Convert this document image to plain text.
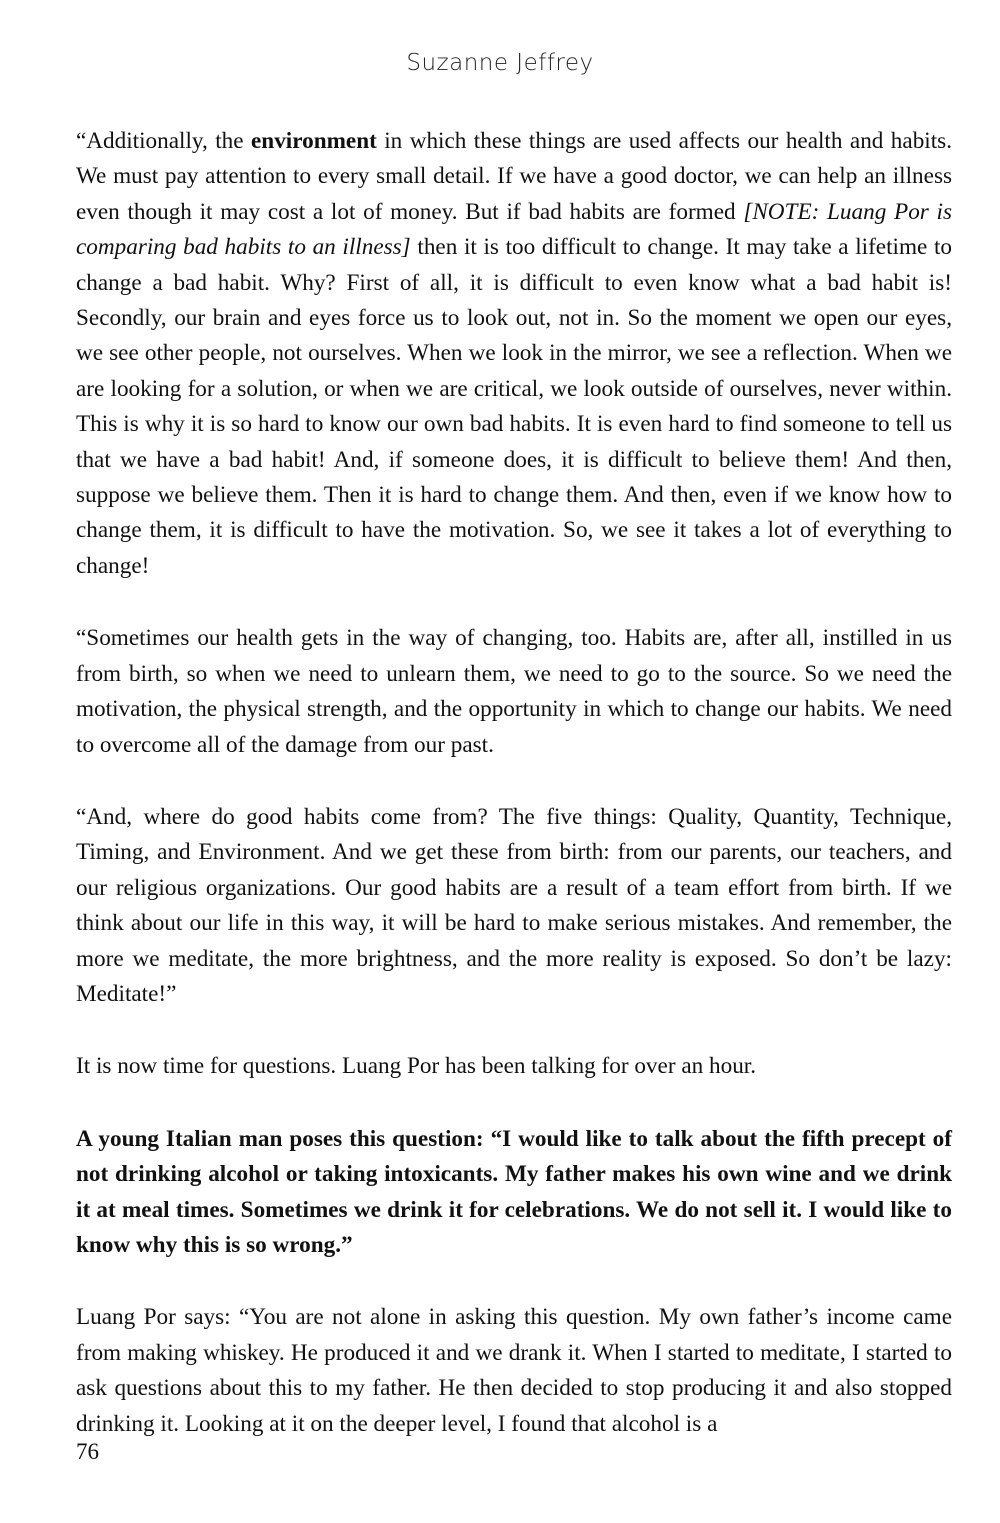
Suzanne Jeffrey

“Additionally, the environment in which these things are used affects our health and habits. We must pay attention to every small detail. If we have a good doctor, we can help an illness even though it may cost a lot of money. But if bad habits are formed [NOTE: Luang Por is comparing bad habits to an illness] then it is too difficult to change. It may take a lifetime to change a bad habit. Why? First of all, it is difficult to even know what a bad habit is! Secondly, our brain and eyes force us to look out, not in. So the moment we open our eyes, we see other people, not ourselves. When we look in the mirror, we see a reflection. When we are looking for a solution, or when we are critical, we look outside of ourselves, never within. This is why it is so hard to know our own bad habits. It is even hard to find someone to tell us that we have a bad habit! And, if someone does, it is difficult to believe them! And then, suppose we believe them. Then it is hard to change them. And then, even if we know how to change them, it is difficult to have the motivation. So, we see it takes a lot of everything to change!

“Sometimes our health gets in the way of changing, too. Habits are, after all, instilled in us from birth, so when we need to unlearn them, we need to go to the source. So we need the motivation, the physical strength, and the opportunity in which to change our habits. We need to overcome all of the damage from our past.

“And, where do good habits come from? The five things: Quality, Quantity, Technique, Timing, and Environment. And we get these from birth: from our parents, our teachers, and our religious organizations. Our good habits are a result of a team effort from birth. If we think about our life in this way, it will be hard to make serious mistakes. And remember, the more we meditate, the more brightness, and the more reality is exposed. So don’t be lazy: Meditate!”

It is now time for questions. Luang Por has been talking for over an hour.

A young Italian man poses this question: “I would like to talk about the fifth precept of not drinking alcohol or taking intoxicants. My father makes his own wine and we drink it at meal times. Sometimes we drink it for celebrations. We do not sell it. I would like to know why this is so wrong.”

Luang Por says: “You are not alone in asking this question. My own father’s income came from making whiskey. He produced it and we drank it. When I started to meditate, I started to ask questions about this to my father. He then decided to stop producing it and also stopped drinking it. Looking at it on the deeper level, I found that alcohol is a

76
